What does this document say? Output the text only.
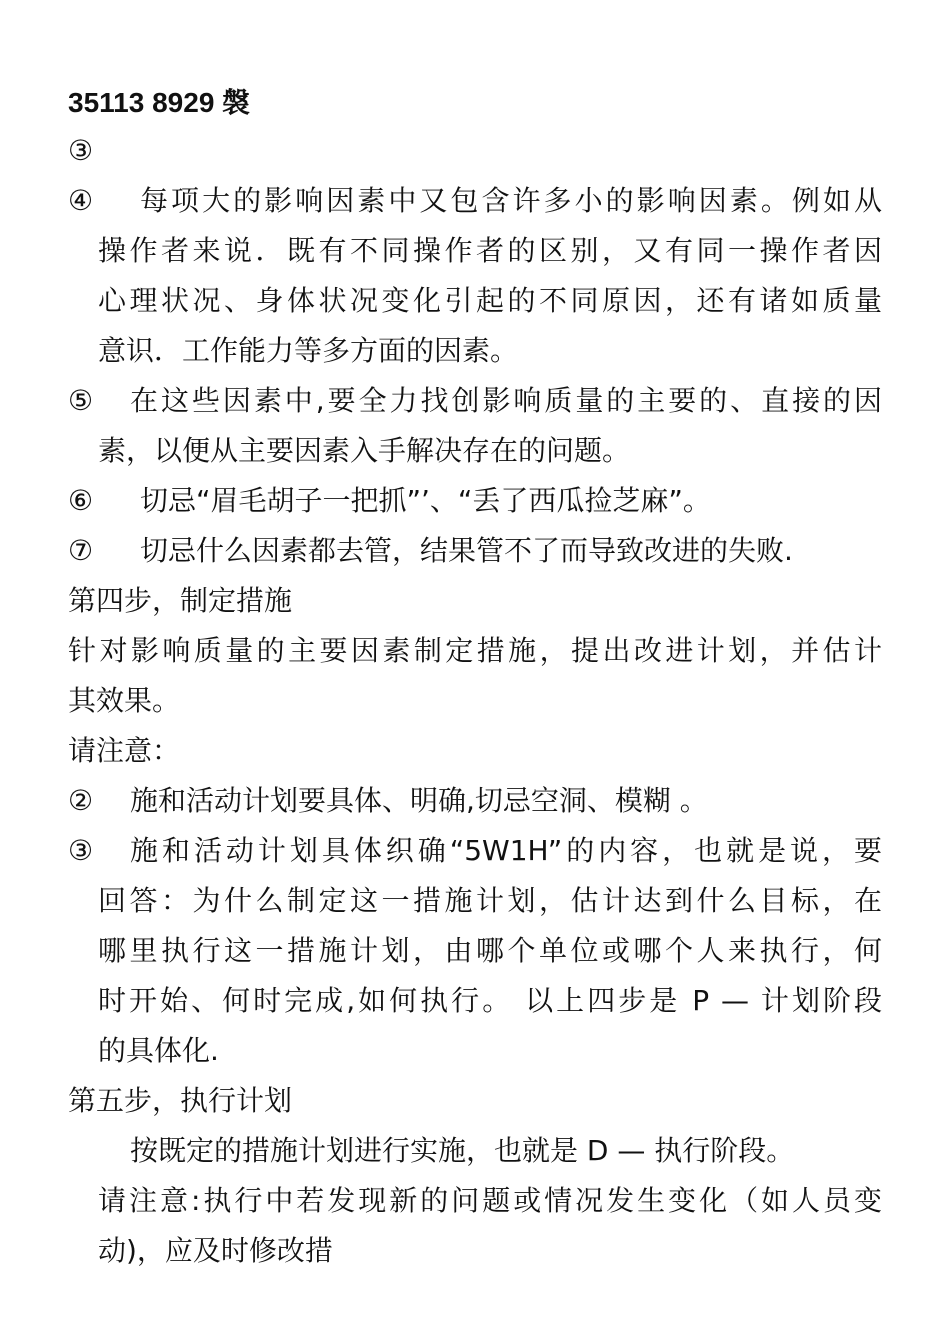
35113 8929 褩
③
④	每项大的影响因素中又包含许多小的影响因素。例如从
操作者来说．既有不同操作者的区别，又有同一操作者因
心理状况、身体状况变化引起的不同原因，还有诸如质量
意识．工作能力等多方面的因素。
⑤	在这些因素中,要全力找创影响质量的主要的、直接的因
素，以便从主要因素入手解决存在的问题。
⑥	切忌“眉毛胡子一把抓”’、“丢了西瓜捡芝麻”。
⑦	切忌什么因素都去管，结果管不了而导致改进的失败.
第四步，制定措施
针对影响质量的主要因素制定措施，提出改进计划，并估计
其效果。
请注意：
②	施和活动计划要具体、明确,切忌空洞、模糊 。
③	施和活动计划具体织确“5W1H”的内容，也就是说，要
回答：为什么制定这一措施计划，估计达到什么目标，在
哪里执行这一措施计划，由哪个单位或哪个人来执行，何
时开始、何时完成,如何执行。 以上四步是 P — 计划阶段
的具体化.
第五步，执行计划
按既定的措施计划进行实施，也就是 D — 执行阶段。
请注意:执行中若发现新的问题或情况发生变化（如人员变
动)，应及时修改措
